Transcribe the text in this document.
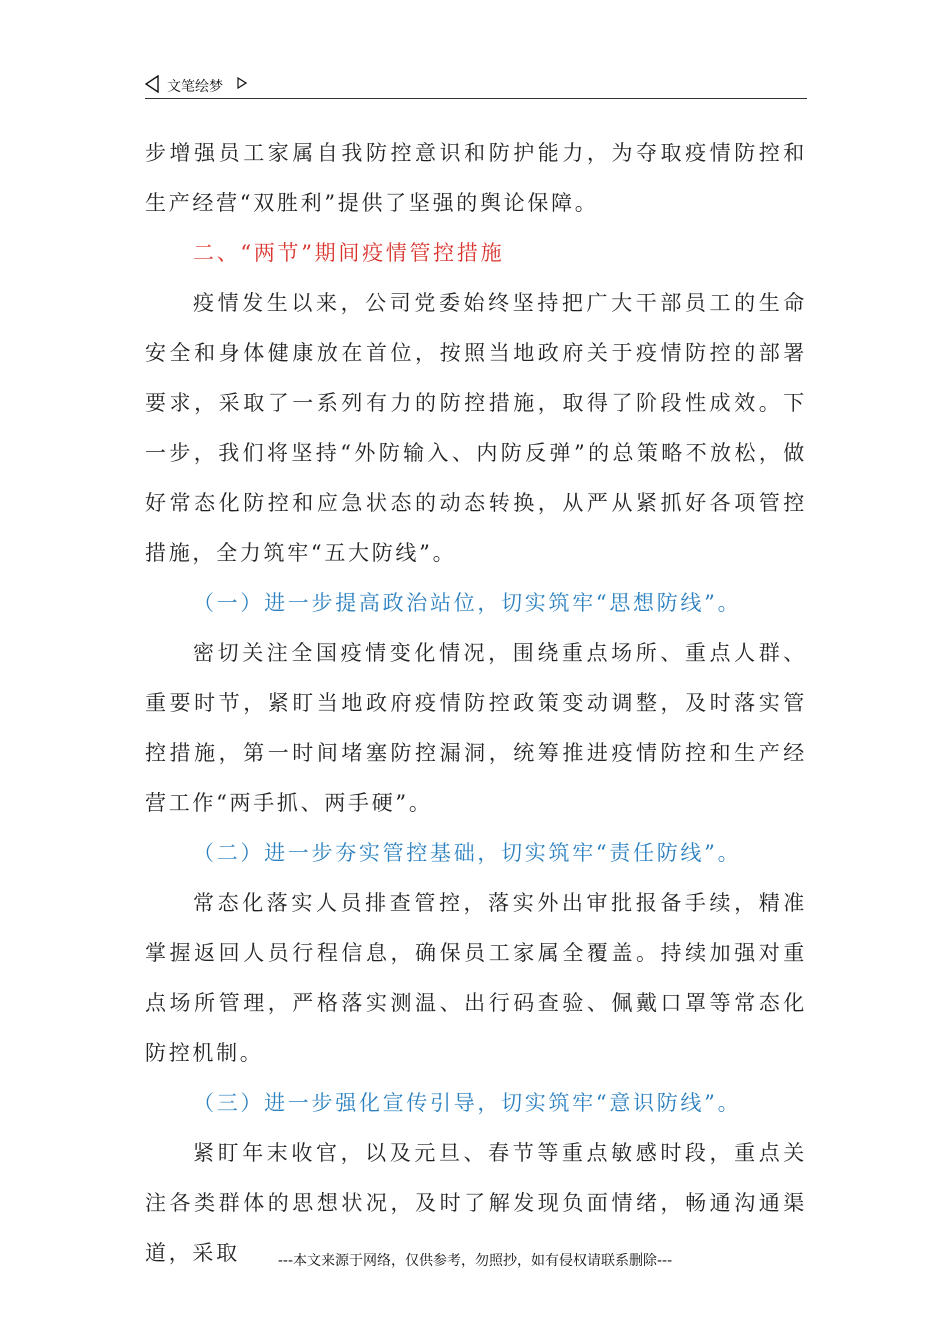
文笔绘梦

步增强员工家属自我防控意识和防护能力，为夺取疫情防控和生产经营“双胜利”提供了坚强的舆论保障。

二、“两节”期间疫情管控措施

疫情发生以来，公司党委始终坚持把广大干部员工的生命安全和身体健康放在首位，按照当地政府关于疫情防控的部署要求，采取了一系列有力的防控措施，取得了阶段性成效。下一步，我们将坚持“外防输入、内防反弹”的总策略不放松，做好常态化防控和应急状态的动态转换，从严从紧抓好各项管控措施，全力筑牢“五大防线”。

（一）进一步提高政治站位，切实筑牢“思想防线”。

密切关注全国疫情变化情况，围绕重点场所、重点人群、重要时节，紧盯当地政府疫情防控政策变动调整，及时落实管控措施，第一时间堵塞防控漏洞，统筹推进疫情防控和生产经营工作“两手抓、两手硬”。

（二）进一步夯实管控基础，切实筑牢“责任防线”。

常态化落实人员排查管控，落实外出审批报备手续，精准掌握返回人员行程信息，确保员工家属全覆盖。持续加强对重点场所管理，严格落实测温、出行码查验、佩戴口罩等常态化防控机制。

（三）进一步强化宣传引导，切实筑牢“意识防线”。

紧盯年末收官，以及元旦、春节等重点敏感时段，重点关注各类群体的思想状况，及时了解发现负面情绪，畅通沟通渠道，采取	---本文来源于网络，仅供参考，勿照抄，如有侵权请联系删除---
